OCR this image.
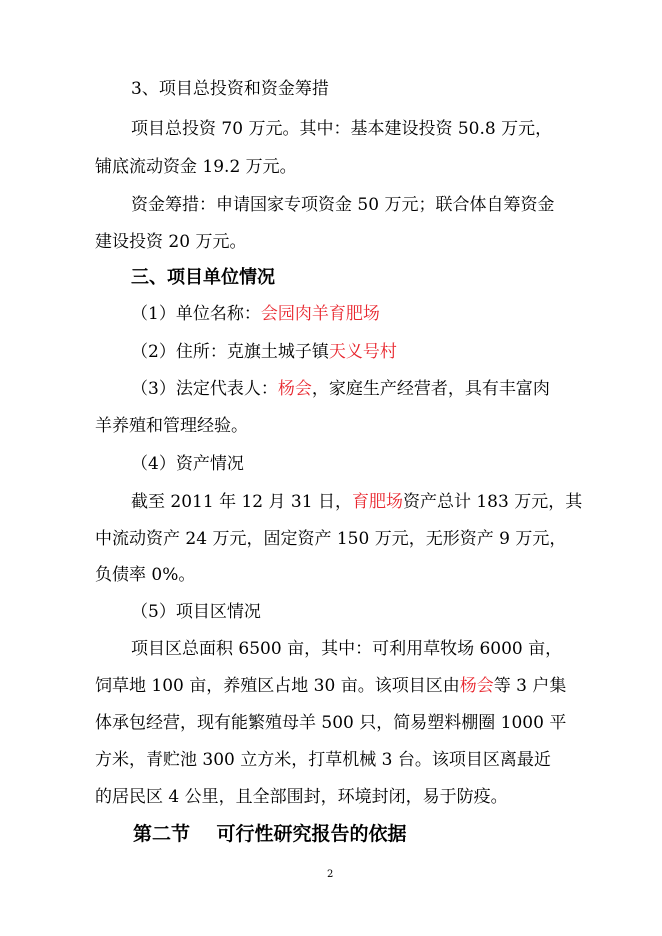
3、项目总投资和资金筹措
项目总投资 70 万元。其中：基本建设投资 50.8 万元，
铺底流动资金 19.2 万元。
资金筹措：申请国家专项资金 50 万元；联合体自筹资金
建设投资 20 万元。
三、项目单位情况
（1）单位名称：会园肉羊育肥场
（2）住所：克旗土城子镇天义号村
（3）法定代表人：杨会，家庭生产经营者，具有丰富肉
羊养殖和管理经验。
（4）资产情况
截至 2011 年 12 月 31 日，育肥场资产总计 183 万元，其
中流动资产 24 万元，固定资产 150 万元，无形资产 9 万元，
负债率 0%。
（5）项目区情况
项目区总面积 6500 亩，其中：可利用草牧场 6000 亩，
饲草地 100 亩，养殖区占地 30 亩。该项目区由杨会等 3 户集
体承包经营，现有能繁殖母羊 500 只，简易塑料棚圈 1000 平
方米，青贮池 300 立方米，打草机械 3 台。该项目区离最近
的居民区 4 公里，且全部围封，环境封闭，易于防疫。
第二节    可行性研究报告的依据
2
